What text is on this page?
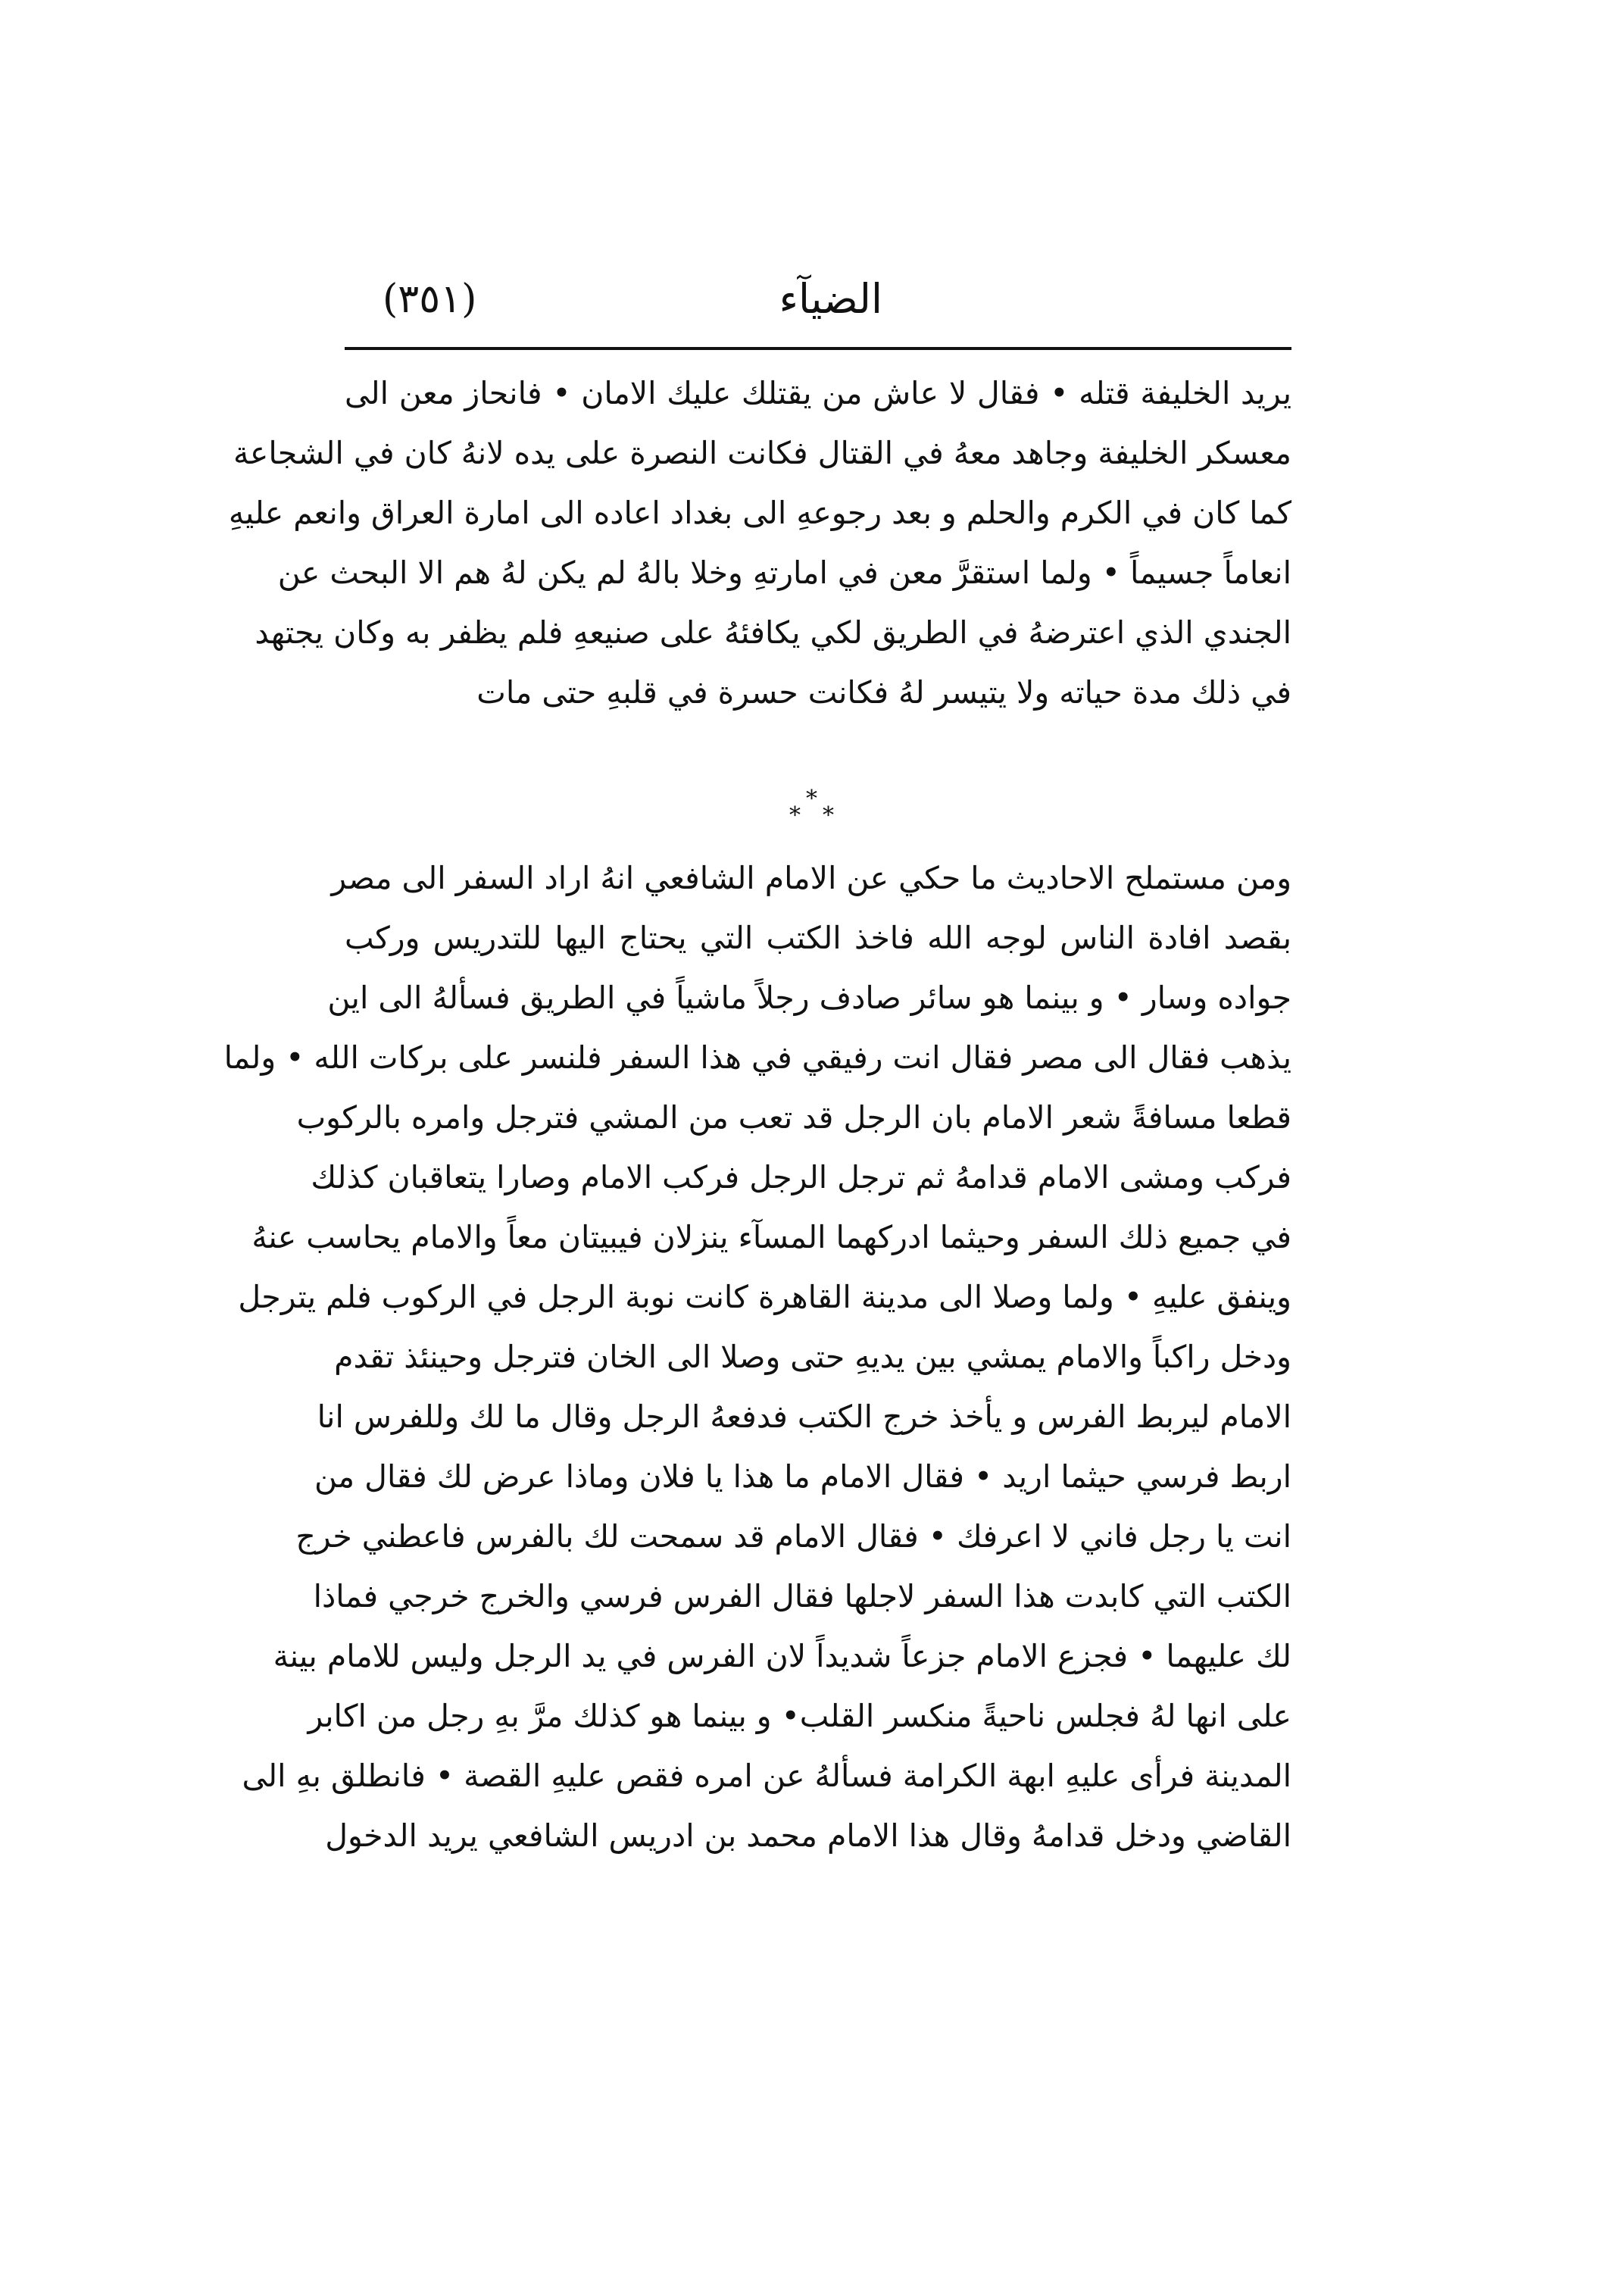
الضيآء
(٣٥١)
يريد الخليفة قتله • فقال لا عاش من يقتلك عليك الامان • فانحاز معن الى
معسكر الخليفة وجاهد معهُ في القتال فكانت النصرة على يده لانهُ كان في الشجاعة
كما كان في الكرم والحلم و بعد رجوعهِ الى بغداد اعاده الى امارة العراق وانعم عليهِ
انعاماً جسيماً • ولما استقرَّ معن في امارتهِ وخلا بالهُ لم يكن لهُ هم الا البحث عن
الجندي الذي اعترضهُ في الطريق لكي يكافئهُ على صنيعهِ فلم يظفر به وكان يجتهد
في ذلك مدة حياته ولا يتيسر لهُ فكانت حسرة في قلبهِ حتى مات
*
* *
ومن مستملح الاحاديث ما حكي عن الامام الشافعي انهُ اراد السفر الى مصر
بقصد افادة الناس لوجه الله فاخذ الكتب التي يحتاج اليها للتدريس وركب
جواده وسار • و بينما هو سائر صادف رجلاً ماشياً في الطريق فسألهُ الى اين
يذهب فقال الى مصر فقال انت رفيقي في هذا السفر فلنسر على بركات الله • ولما
قطعا مسافةً شعر الامام بان الرجل قد تعب من المشي فترجل وامره بالركوب
فركب ومشى الامام قدامهُ ثم ترجل الرجل فركب الامام وصارا يتعاقبان كذلك
في جميع ذلك السفر وحيثما ادركهما المسآء ينزلان فيبيتان معاً والامام يحاسب عنهُ
وينفق عليهِ • ولما وصلا الى مدينة القاهرة كانت نوبة الرجل في الركوب فلم يترجل
ودخل راكباً والامام يمشي بين يديهِ حتى وصلا الى الخان فترجل وحينئذ تقدم
الامام ليربط الفرس و يأخذ خرج الكتب فدفعهُ الرجل وقال ما لك وللفرس انا
اربط فرسي حيثما اريد • فقال الامام ما هذا يا فلان وماذا عرض لك فقال من
انت يا رجل فاني لا اعرفك • فقال الامام قد سمحت لك بالفرس فاعطني خرج
الكتب التي كابدت هذا السفر لاجلها فقال الفرس فرسي والخرج خرجي فماذا
لك عليهما • فجزع الامام جزعاً شديداً لان الفرس في يد الرجل وليس للامام بينة
على انها لهُ فجلس ناحيةً منكسر القلب• و بينما هو كذلك مرَّ بهِ رجل من اكابر
المدينة فرأى عليهِ ابهة الكرامة فسألهُ عن امره فقص عليهِ القصة • فانطلق بهِ الى
القاضي ودخل قدامهُ وقال هذا الامام محمد بن ادريس الشافعي يريد الدخول
